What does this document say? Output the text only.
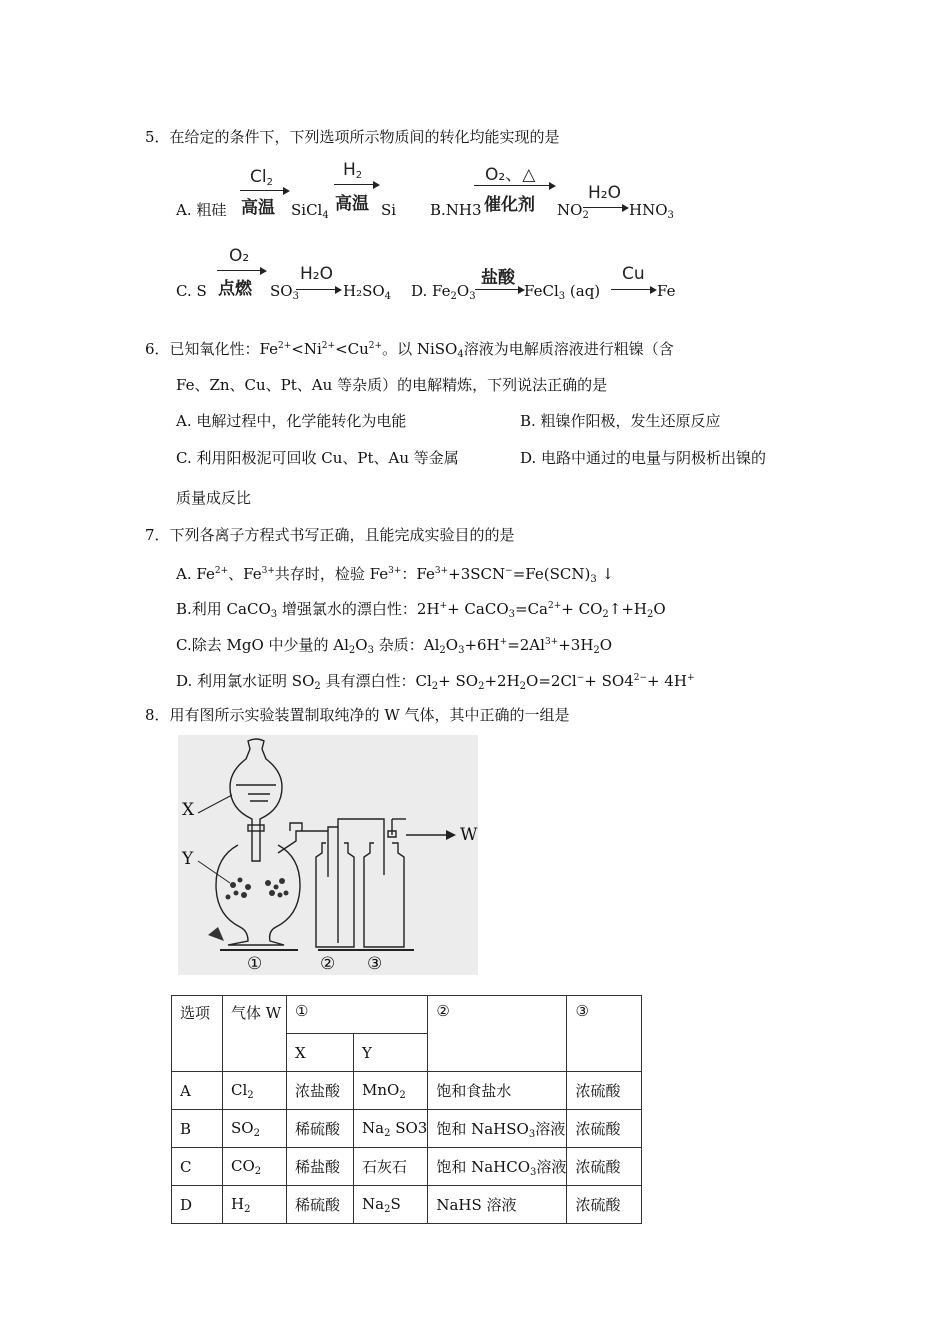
5．在给定的条件下，下列选项所示物质间的转化均能实现的是
A. 粗硅
$Cl_2$
高温 SiCl$_4$
$H_2$
高温 Si B.NH3
O₂、△
催化剂 $NO_2$
H₂O
$HNO_3$
C. S
O₂
点燃 $SO_3$
H₂O
$H_2SO_4$ D. $Fe_2O_3$
盐酸
FeCl$_3$ (aq)
Cu
Fe
6．已知氧化性：$Fe^{2+}<Ni^{2+}<Cu^{2+}$。以 NiSO$_4$溶液为电解质溶液进行粗镍（含
Fe、Zn、Cu、Pt、Au 等杂质）的电解精炼，下列说法正确的是
A. 电解过程中，化学能转化为电能	B. 粗镍作阳极，发生还原反应
C. 利用阳极泥可回收 Cu、Pt、Au 等金属	D. 电路中通过的电量与阴极析出镍的
质量成反比
7．下列各离子方程式书写正确，且能完成实验目的的是
A. $Fe^{2+}$、$Fe^{3+}$共存时，检验 $Fe^{3+}$：$Fe^{3+}+3SCN^-=Fe(SCN)_3$ ↓
B.利用 CaCO$_3$ 增强氯水的漂白性：$2H^++ CaCO_3=Ca^{2+}+$ $CO_2↑+H_2O$
C.除去 MgO 中少量的 $Al_2O_3$ 杂质：$Al_2O_3+6H^+=2Al^{3+}+3H_2O$
D. 利用氯水证明 $SO_2$ 具有漂白性：$Cl_2+ SO_2+2H_2O=2Cl^-+ SO4^{2-}+ 4H^+$
8．用有图所示实验装置制取纯净的 W 气体，其中正确的一组是
X
Y
W
①	② ③
选项	气体 W	①		②	③
		X	Y		
A	$Cl_2$	浓盐酸	MnO$_2$	饱和食盐水	浓硫酸
B	$SO_2$	稀硫酸	$Na_2$ SO3	饱和 NaHSO$_3$溶液	浓硫酸
C	$CO_2$	稀盐酸	石灰石	饱和 NaHCO$_3$溶液	浓硫酸
D	$H_2$	稀硫酸	$Na_2S$	NaHS 溶液	浓硫酸
